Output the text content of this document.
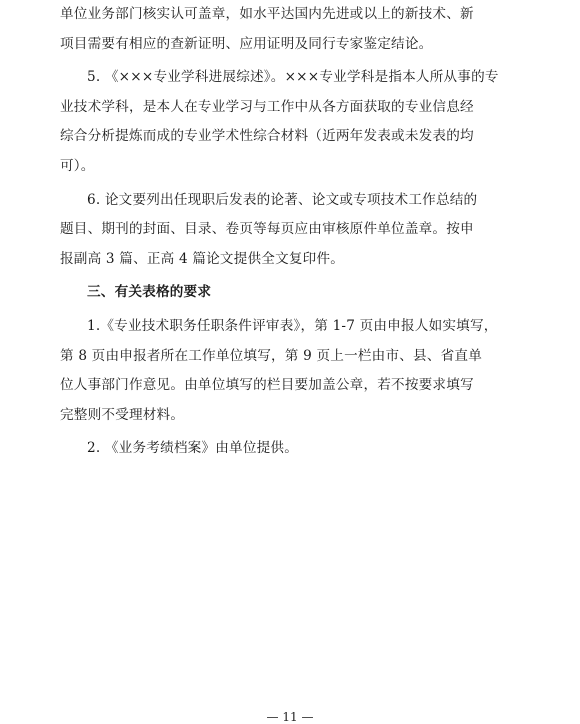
单位业务部门核实认可盖章，如水平达国内先进或以上的新技术、新
项目需要有相应的查新证明、应用证明及同行专家鉴定结论。
5. 《×××专业学科进展综述》。×××专业学科是指本人所从事的专
业技术学科，是本人在专业学习与工作中从各方面获取的专业信息经
综合分析提炼而成的专业学术性综合材料（近两年发表或未发表的均
可）。
6. 论文要列出任现职后发表的论著、论文或专项技术工作总结的
题目、期刊的封面、目录、卷页等每页应由审核原件单位盖章。按申
报副高 3 篇、正高 4 篇论文提供全文复印件。
三、有关表格的要求
1.《专业技术职务任职条件评审表》，第 1-7 页由申报人如实填写，
第 8 页由申报者所在工作单位填写，第 9 页上一栏由市、县、省直单
位人事部门作意见。由单位填写的栏目要加盖公章，若不按要求填写
完整则不受理材料。
2. 《业务考绩档案》由单位提供。
— 11 —
